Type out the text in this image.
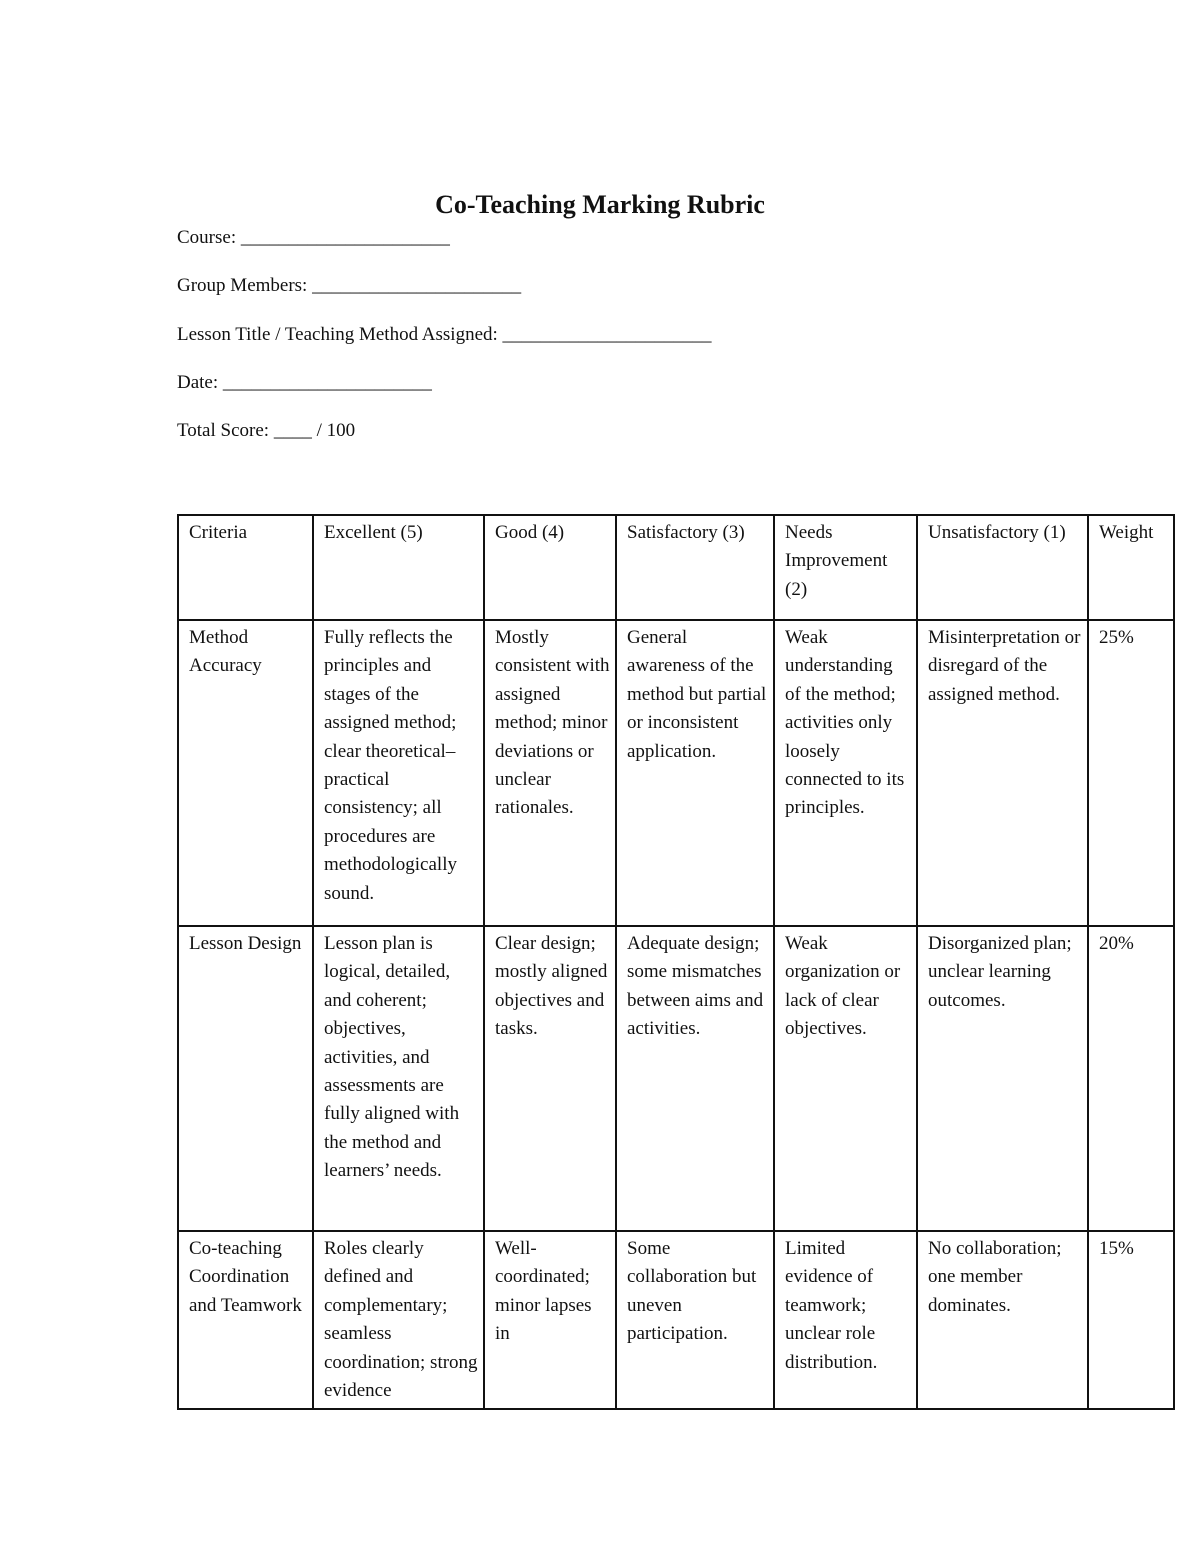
Co-Teaching Marking Rubric
Course: ______________________
Group Members: ______________________
Lesson Title / Teaching Method Assigned: ______________________
Date: ______________________
Total Score: ____ / 100
Criteria	Excellent (5)	Good (4)	Satisfactory (3)	Needs Improvement (2)	Unsatisfactory (1)	Weight
Method Accuracy	Fully reflects the principles and stages of the assigned method; clear theoretical–practical consistency; all procedures are methodologically sound.	Mostly consistent with assigned method; minor deviations or unclear rationales.	General awareness of the method but partial or inconsistent application.	Weak understanding of the method; activities only loosely connected to its principles.	Misinterpretation or disregard of the assigned method.	25%
Lesson Design	Lesson plan is logical, detailed, and coherent; objectives, activities, and assessments are fully aligned with the method and learners’ needs.	Clear design; mostly aligned objectives and tasks.	Adequate design; some mismatches between aims and activities.	Weak organization or lack of clear objectives.	Disorganized plan; unclear learning outcomes.	20%
Co-teaching Coordination and Teamwork	Roles clearly defined and complementary; seamless coordination; strong evidence	Well-coordinated; minor lapses in	Some collaboration but uneven participation.	Limited evidence of teamwork; unclear role distribution.	No collaboration; one member dominates.	15%
